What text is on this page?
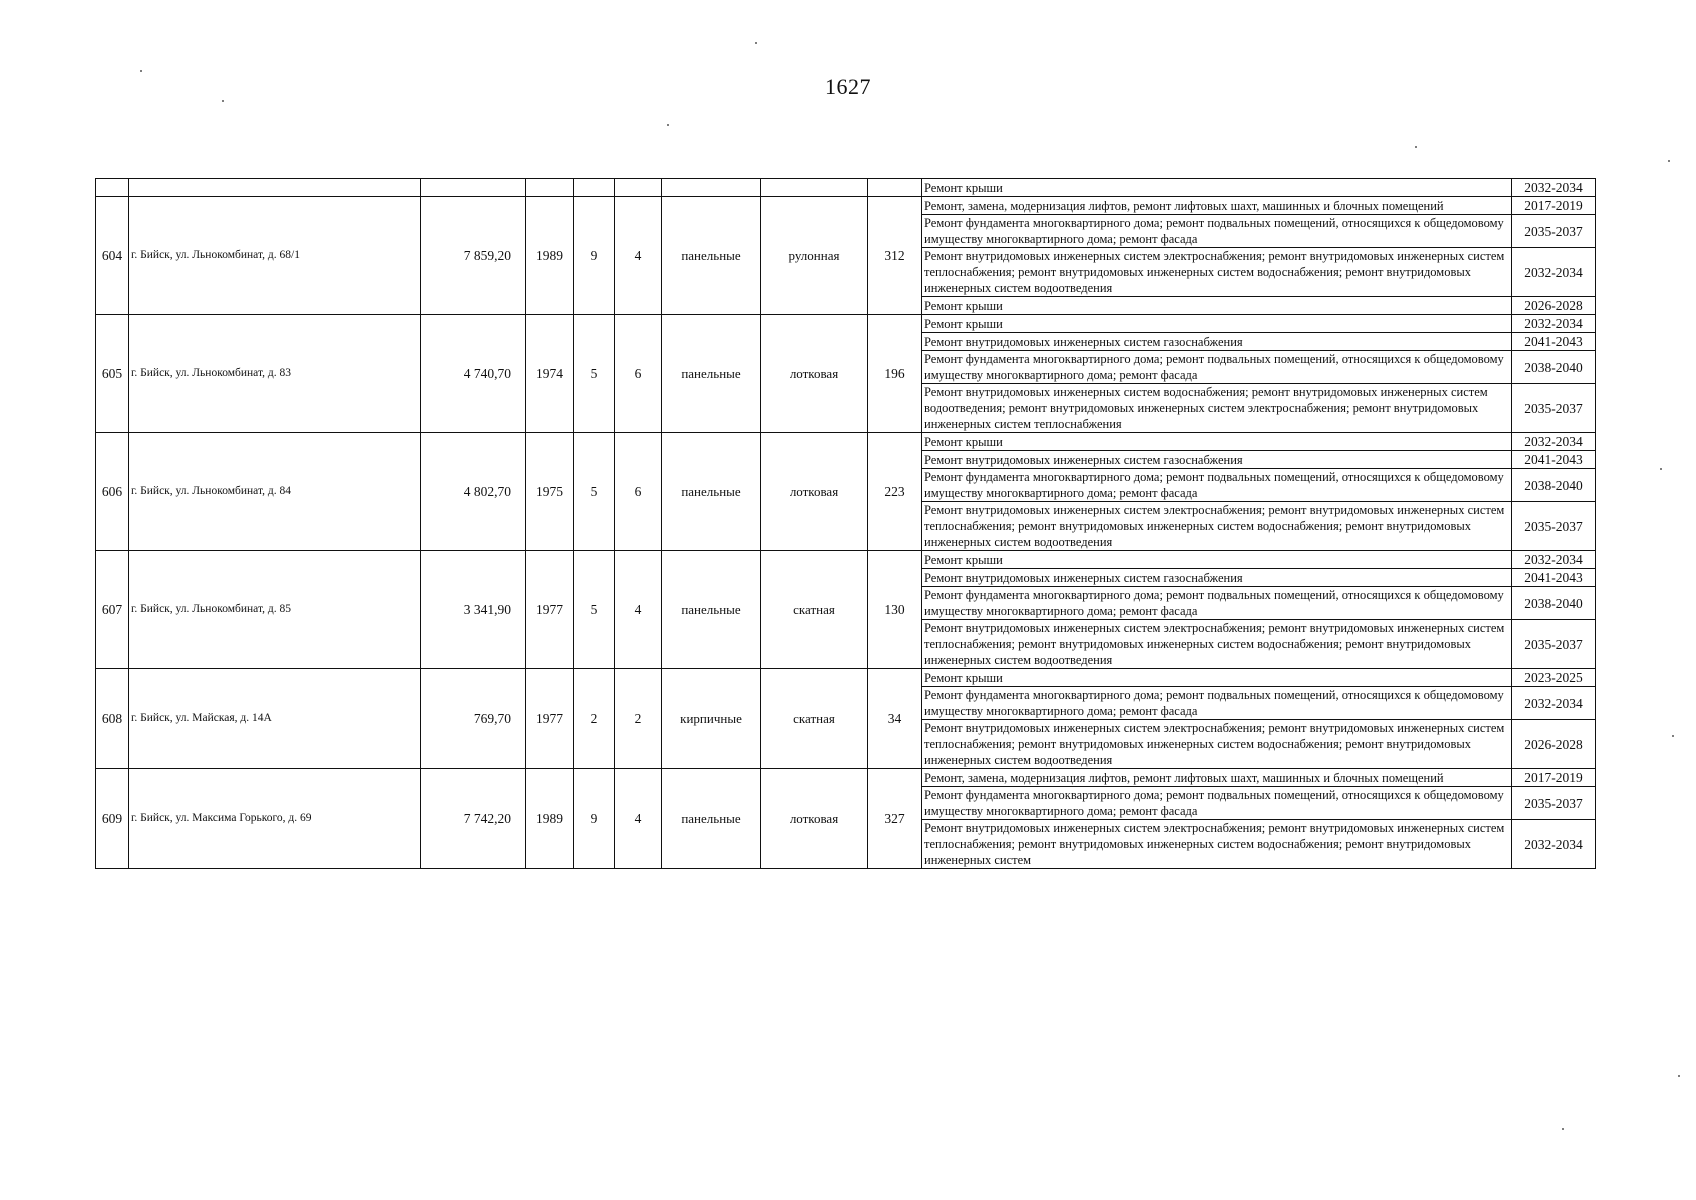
1627
									Ремонт крыши	2032-2034
604	г. Бийск, ул. Льнокомбинат, д. 68/1	7 859,20	1989	9	4	панельные	рулонная	312	Ремонт, замена, модернизация лифтов, ремонт лифтовых шахт, машинных и блочных помещений	2017-2019
									Ремонт фундамента многоквартирного дома; ремонт подвальных помещений, относящихся к общедомовому имуществу многоквартирного дома; ремонт фасада	2035-2037
									Ремонт внутридомовых инженерных систем электроснабжения; ремонт внутридомовых инженерных систем теплоснабжения; ремонт внутридомовых инженерных систем водоснабжения; ремонт внутридомовых инженерных систем водоотведения	2032-2034
									Ремонт крыши	2026-2028
605	г. Бийск, ул. Льнокомбинат, д. 83	4 740,70	1974	5	6	панельные	лотковая	196	Ремонт крыши	2032-2034
									Ремонт внутридомовых инженерных систем газоснабжения	2041-2043
									Ремонт фундамента многоквартирного дома; ремонт подвальных помещений, относящихся к общедомовому имуществу многоквартирного дома; ремонт фасада	2038-2040
									Ремонт внутридомовых инженерных систем водоснабжения; ремонт внутридомовых инженерных систем водоотведения; ремонт внутридомовых инженерных систем электроснабжения; ремонт внутридомовых инженерных систем теплоснабжения	2035-2037
606	г. Бийск, ул. Льнокомбинат, д. 84	4 802,70	1975	5	6	панельные	лотковая	223	Ремонт крыши	2032-2034
									Ремонт внутридомовых инженерных систем газоснабжения	2041-2043
									Ремонт фундамента многоквартирного дома; ремонт подвальных помещений, относящихся к общедомовому имуществу многоквартирного дома; ремонт фасада	2038-2040
									Ремонт внутридомовых инженерных систем электроснабжения; ремонт внутридомовых инженерных систем теплоснабжения; ремонт внутридомовых инженерных систем водоснабжения; ремонт внутридомовых инженерных систем водоотведения	2035-2037
607	г. Бийск, ул. Льнокомбинат, д. 85	3 341,90	1977	5	4	панельные	скатная	130	Ремонт крыши	2032-2034
									Ремонт внутридомовых инженерных систем газоснабжения	2041-2043
									Ремонт фундамента многоквартирного дома; ремонт подвальных помещений, относящихся к общедомовому имуществу многоквартирного дома; ремонт фасада	2038-2040
									Ремонт внутридомовых инженерных систем электроснабжения; ремонт внутридомовых инженерных систем теплоснабжения; ремонт внутридомовых инженерных систем водоснабжения; ремонт внутридомовых инженерных систем водоотведения	2035-2037
608	г. Бийск, ул. Майская, д. 14А	769,70	1977	2	2	кирпичные	скатная	34	Ремонт крыши	2023-2025
									Ремонт фундамента многоквартирного дома; ремонт подвальных помещений, относящихся к общедомовому имуществу многоквартирного дома; ремонт фасада	2032-2034
									Ремонт внутридомовых инженерных систем электроснабжения; ремонт внутридомовых инженерных систем теплоснабжения; ремонт внутридомовых инженерных систем водоснабжения; ремонт внутридомовых инженерных систем водоотведения	2026-2028
609	г. Бийск, ул. Максима Горького, д. 69	7 742,20	1989	9	4	панельные	лотковая	327	Ремонт, замена, модернизация лифтов, ремонт лифтовых шахт, машинных и блочных помещений	2017-2019
									Ремонт фундамента многоквартирного дома; ремонт подвальных помещений, относящихся к общедомовому имуществу многоквартирного дома; ремонт фасада	2035-2037
									Ремонт внутридомовых инженерных систем электроснабжения; ремонт внутридомовых инженерных систем теплоснабжения; ремонт внутридомовых инженерных систем водоснабжения; ремонт внутридомовых инженерных систем	2032-2034
